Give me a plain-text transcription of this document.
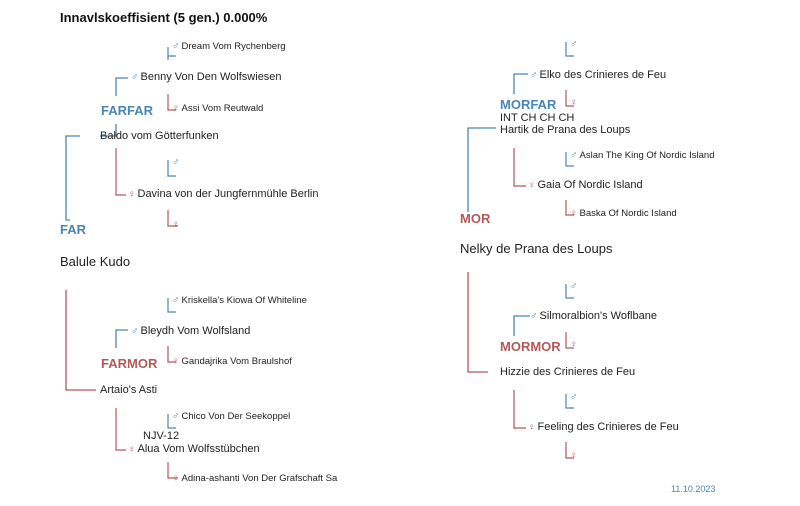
Innavlskoeffisient (5 gen.) 0.000%
♂ Dream Vom Rychenberg
♂ Benny Von Den Wolfswiesen
FARFAR ♀ Assi Vom Reutwald
Baldo vom Götterfunken
♂
♀ Davina von der Jungfernmühle Berlin
♀
FAR
Balule Kudo
♂ Kriskella's Kiowa Of Whiteline
♂ Bleydh Vom Wolfsland
FARMOR ♀ Gandajrika Vom Braulshof
Artaio's Asti
♂ Chico Von Der Seekoppel
NJV-12
♀ Alua Vom Wolfsstübchen
♀ Adina-ashanti Von Der Grafschaft Sa
♂
♂ Elko des Crinieres de Feu
MORFAR ♀
INT CH CH CH
Hartik de Prana des Loups
♂ Aslan The King Of Nordic Island
♀ Gaia Of Nordic Island
♀ Baska Of Nordic Island
MOR
Nelky de Prana des Loups
♂
♂ Silmoralbion's Woflbane
MORMOR ♀
Hizzie des Crinieres de Feu
♂
♀ Feeling des Crinieres de Feu
♀
11.10.2023
